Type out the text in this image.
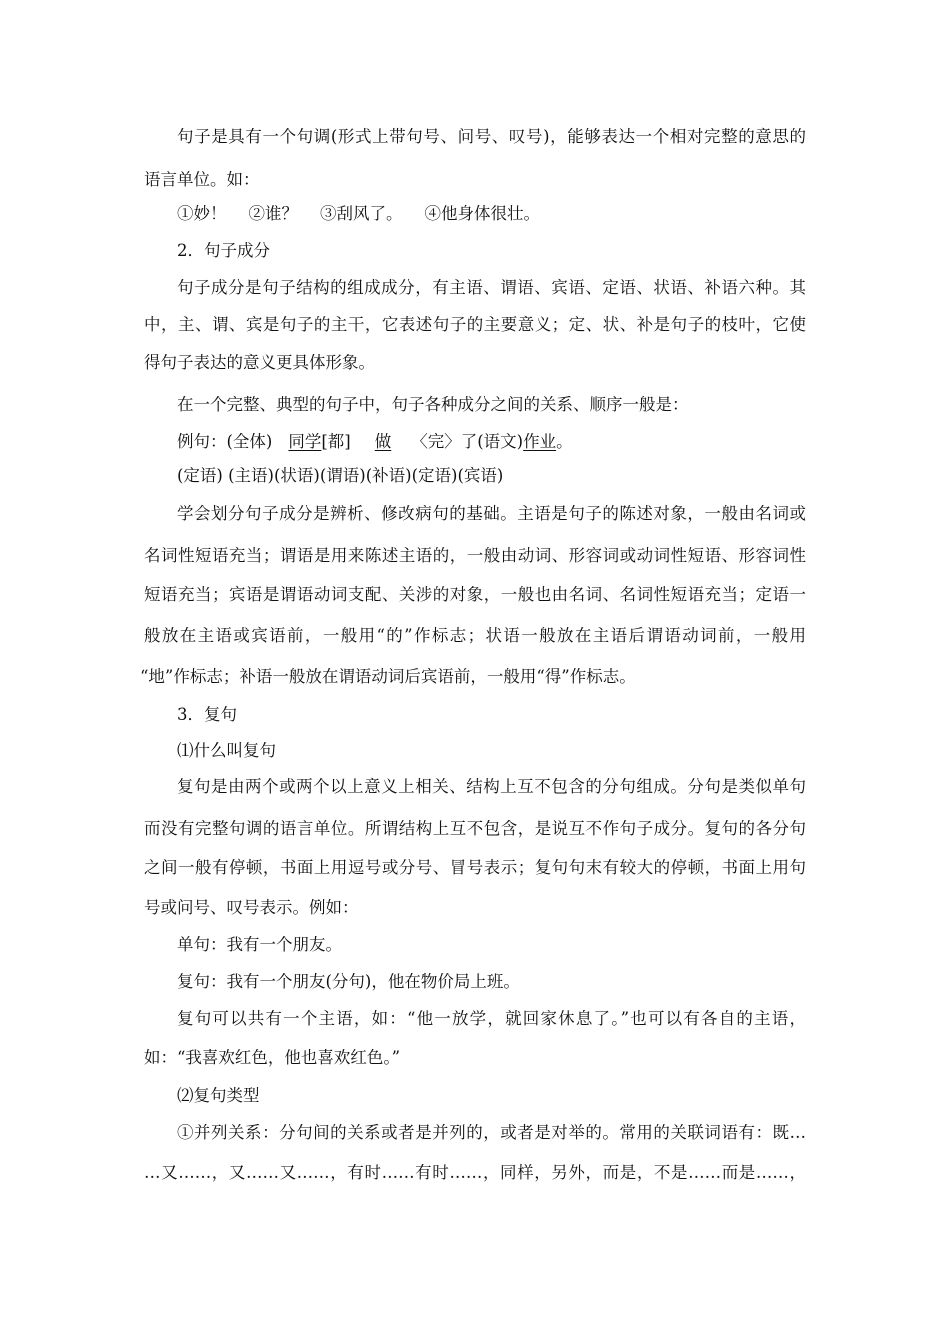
句子是具有一个句调(形式上带句号、问号、叹号)，能够表达一个相对完整的意思的
语言单位。如：
①妙！ ②谁？ ③刮风了。 ④他身体很壮。
2．句子成分
句子成分是句子结构的组成成分，有主语、谓语、宾语、定语、状语、补语六种。其
中，主、谓、宾是句子的主干，它表述句子的主要意义；定、状、补是句子的枝叶，它使
得句子表达的意义更具体形象。
在一个完整、典型的句子中，句子各种成分之间的关系、顺序一般是：
例句：(全体) 同学[都] 做 〈完〉了(语文)作业。
(定语) (主语)(状语)(谓语)(补语)(定语)(宾语)
学会划分句子成分是辨析、修改病句的基础。主语是句子的陈述对象，一般由名词或
名词性短语充当；谓语是用来陈述主语的，一般由动词、形容词或动词性短语、形容词性
短语充当；宾语是谓语动词支配、关涉的对象，一般也由名词、名词性短语充当；定语一
般放在主语或宾语前，一般用“的”作标志；状语一般放在主语后谓语动词前，一般用
“地”作标志；补语一般放在谓语动词后宾语前，一般用“得”作标志。
3．复句
⑴什么叫复句
复句是由两个或两个以上意义上相关、结构上互不包含的分句组成。分句是类似单句
而没有完整句调的语言单位。所谓结构上互不包含，是说互不作句子成分。复句的各分句
之间一般有停顿，书面上用逗号或分号、冒号表示；复句句末有较大的停顿，书面上用句
号或问号、叹号表示。例如：
单句：我有一个朋友。
复句：我有一个朋友(分句)，他在物价局上班。
复句可以共有一个主语，如：“他一放学，就回家休息了。”也可以有各自的主语，
如：“我喜欢红色，他也喜欢红色。”
⑵复句类型
①并列关系：分句间的关系或者是并列的，或者是对举的。常用的关联词语有：既…
…又……，又……又……，有时……有时……，同样，另外，而是，不是……而是……，
